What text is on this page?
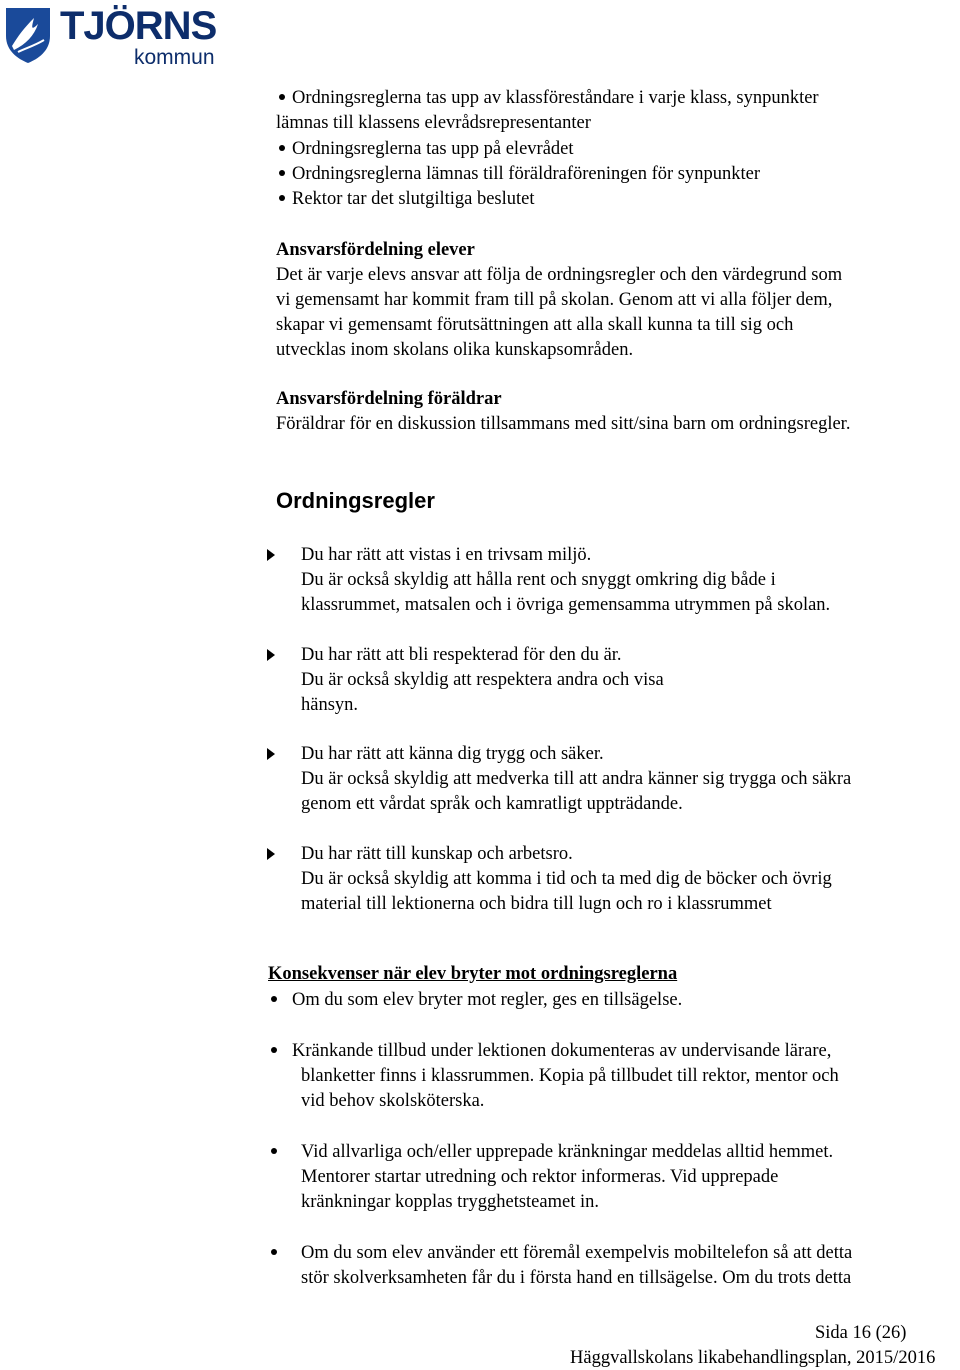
TJÖRNS
kommun
Ordningsreglerna tas upp av klassföreståndare i varje klass, synpunkter
lämnas till klassens elevrådsrepresentanter
Ordningsreglerna tas upp på elevrådet
Ordningsreglerna lämnas till föräldraföreningen för synpunkter
Rektor tar det slutgiltiga beslutet
Ansvarsfördelning elever
Det är varje elevs ansvar att följa de ordningsregler och den värdegrund som
vi gemensamt har kommit fram till på skolan. Genom att vi alla följer dem,
skapar vi gemensamt förutsättningen att alla skall kunna ta till sig och
utvecklas inom skolans olika kunskapsområden.
Ansvarsfördelning föräldrar
Föräldrar för en diskussion tillsammans med sitt/sina barn om ordningsregler.
Ordningsregler
Du har rätt att vistas i en trivsam miljö.
Du är också skyldig att hålla rent och snyggt omkring dig både i
klassrummet, matsalen och i övriga gemensamma utrymmen på skolan.
Du har rätt att bli respekterad för den du är.
Du är också skyldig att respektera andra och visa
hänsyn.
Du har rätt att känna dig trygg och säker.
Du är också skyldig att medverka till att andra känner sig trygga och säkra
genom ett vårdat språk och kamratligt uppträdande.
Du har rätt till kunskap och arbetsro.
Du är också skyldig att komma i tid och ta med dig de böcker och övrig
material till lektionerna och bidra till lugn och ro i klassrummet
Konsekvenser när elev bryter mot ordningsreglerna
Om du som elev bryter mot regler, ges en tillsägelse.
Kränkande tillbud under lektionen dokumenteras av undervisande lärare,
blanketter finns i klassrummen. Kopia på tillbudet till rektor, mentor och
vid behov skolsköterska.
Vid allvarliga och/eller upprepade kränkningar meddelas alltid hemmet.
Mentorer startar utredning och rektor informeras. Vid upprepade
kränkningar kopplas trygghetsteamet in.
Om du som elev använder ett föremål exempelvis mobiltelefon så att detta
stör skolverksamheten får du i första hand en tillsägelse. Om du trots detta
Sida 16 (26)
Häggvallskolans likabehandlingsplan, 2015/2016
